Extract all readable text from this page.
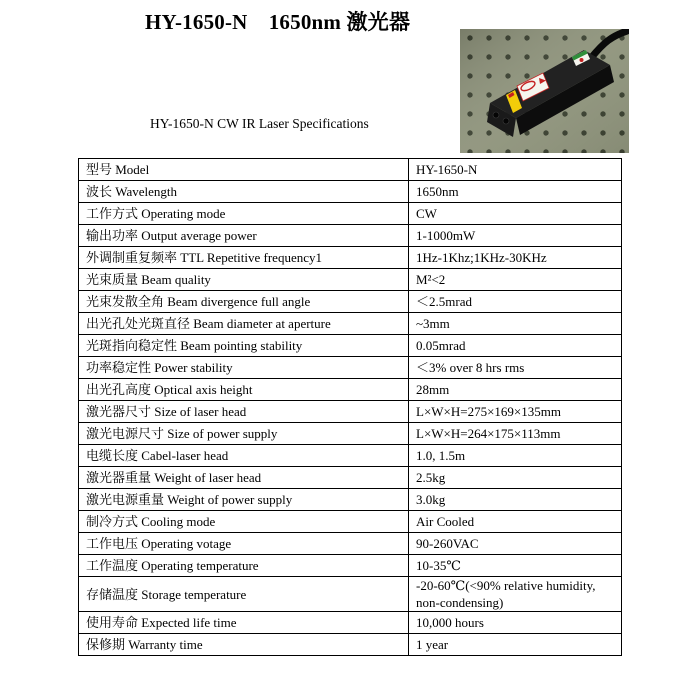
HY-1650-N　1650nm 激光器
HY-1650-N CW IR Laser Specifications
型号 Model	HY-1650-N
波长 Wavelength	1650nm
工作方式 Operating mode	CW
输出功率 Output average power	1-1000mW
外调制重复频率 TTL Repetitive frequency1	1Hz-1Khz;1KHz-30KHz
光束质量 Beam quality	M²<2
光束发散全角 Beam divergence full angle	＜2.5mrad
出光孔处光斑直径 Beam diameter at aperture	~3mm
光斑指向稳定性 Beam pointing stability	0.05mrad
功率稳定性 Power stability	＜3% over 8 hrs rms
出光孔高度 Optical axis height	28mm
激光器尺寸 Size of laser head	L×W×H=275×169×135mm
激光电源尺寸 Size of power supply	L×W×H=264×175×113mm
电缆长度 Cabel-laser head	1.0, 1.5m
激光器重量 Weight of laser head	2.5kg
激光电源重量 Weight of power supply	3.0kg
制冷方式 Cooling mode	Air Cooled
工作电压 Operating votage	90-260VAC
工作温度 Operating temperature	10-35℃
存储温度 Storage temperature	-20-60℃(<90% relative humidity, non-condensing)
使用寿命 Expected life time	10,000 hours
保修期 Warranty time	1 year
